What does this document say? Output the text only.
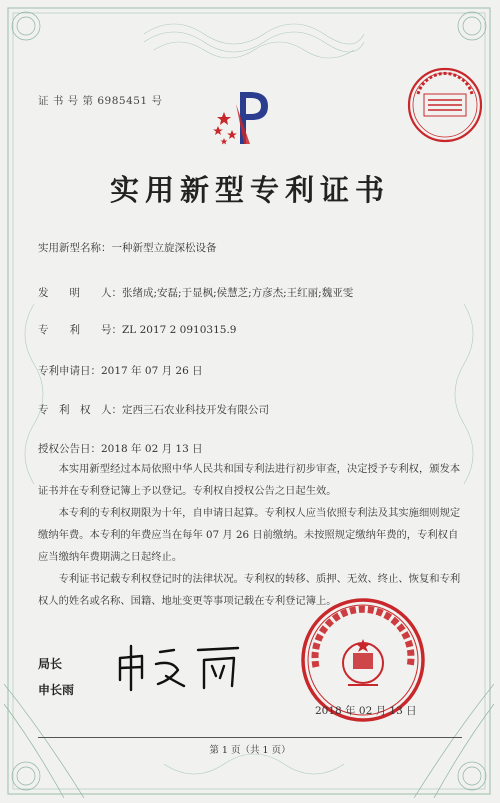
证 书 号 第 6985451 号
实用新型专利证书
实用新型名称：一种新型立旋深松设备
发　　明　　人：张绪成;安磊;于显枫;侯慧芝;方彦杰;王红丽;魏亚雯
专　　利　　号：ZL 2017 2 0910315.9
专利申请日：2017 年 07 月 26 日
专　利　权　人：定西三石农业科技开发有限公司
授权公告日：2018 年 02 月 13 日

本实用新型经过本局依照中华人民共和国专利法进行初步审查，决定授予专利权，颁发本证书并在专利登记簿上予以登记。专利权自授权公告之日起生效。

本专利的专利权期限为十年，自申请日起算。专利权人应当依照专利法及其实施细则规定缴纳年费。本专利的年费应当在每年 07 月 26 日前缴纳。未按照规定缴纳年费的，专利权自应当缴纳年费期满之日起终止。

专利证书记载专利权登记时的法律状况。专利权的转移、质押、无效、终止、恢复和专利权人的姓名或名称、国籍、地址变更等事项记载在专利登记簿上。

局长
申长雨
2018 年 02 月 13 日
第 1 页（共 1 页）
